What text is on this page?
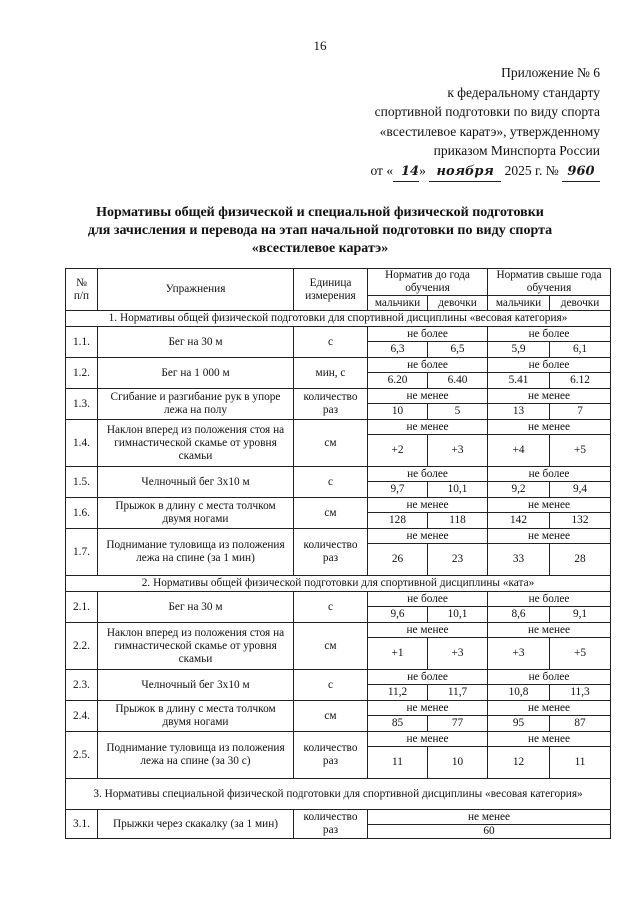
16
Приложение № 6
к федеральному стандарту
спортивной подготовки по виду спорта
«всестилевое каратэ», утвержденному
приказом Минспорта России
от « 14» ноября 2025 г. № 960
Нормативы общей физической и специальной физической подготовки
для зачисления и перевода на этап начальной подготовки по виду спорта
«всестилевое каратэ»
№
п/п	Упражнения	Единица измерения	Норматив до года обучения		Норматив свыше года обучения	
			мальчики	девочки	мальчики	девочки
1. Нормативы общей физической подготовки для спортивной дисциплины «весовая категория»						
1.1.	Бег на 30 м	с	не более		не более	
			6,3	6,5	5,9	6,1
1.2.	Бег на 1 000 м	мин, с	не более		не более	
			6.20	6.40	5.41	6.12
1.3.	Сгибание и разгибание рук в упоре лежа на полу	количество раз	не менее		не менее	
			10	5	13	7
1.4.	Наклон вперед из положения стоя на гимнастической скамье от уровня скамьи	см	не менее		не менее	
			+2	+3	+4	+5
1.5.	Челночный бег 3х10 м	с	не более		не более	
			9,7	10,1	9,2	9,4
1.6.	Прыжок в длину с места толчком двумя ногами	см	не менее		не менее	
			128	118	142	132
1.7.	Поднимание туловища из положения лежа на спине (за 1 мин)	количество раз	не менее		не менее	
			26	23	33	28
2. Нормативы общей физической подготовки для спортивной дисциплины «ката»						
2.1.	Бег на 30 м	с	не более		не более	
			9,6	10,1	8,6	9,1
2.2.	Наклон вперед из положения стоя на гимнастической скамье от уровня скамьи	см	не менее		не менее	
			+1	+3	+3	+5
2.3.	Челночный бег 3х10 м	с	не более		не более	
			11,2	11,7	10,8	11,3
2.4.	Прыжок в длину с места толчком двумя ногами	см	не менее		не менее	
			85	77	95	87
2.5.	Поднимание туловища из положения лежа на спине (за 30 с)	количество раз	не менее		не менее	
			11	10	12	11
3. Нормативы специальной физической подготовки для спортивной дисциплины «весовая категория»						
3.1.	Прыжки через скакалку (за 1 мин)	количество раз	не менее			
			60			
